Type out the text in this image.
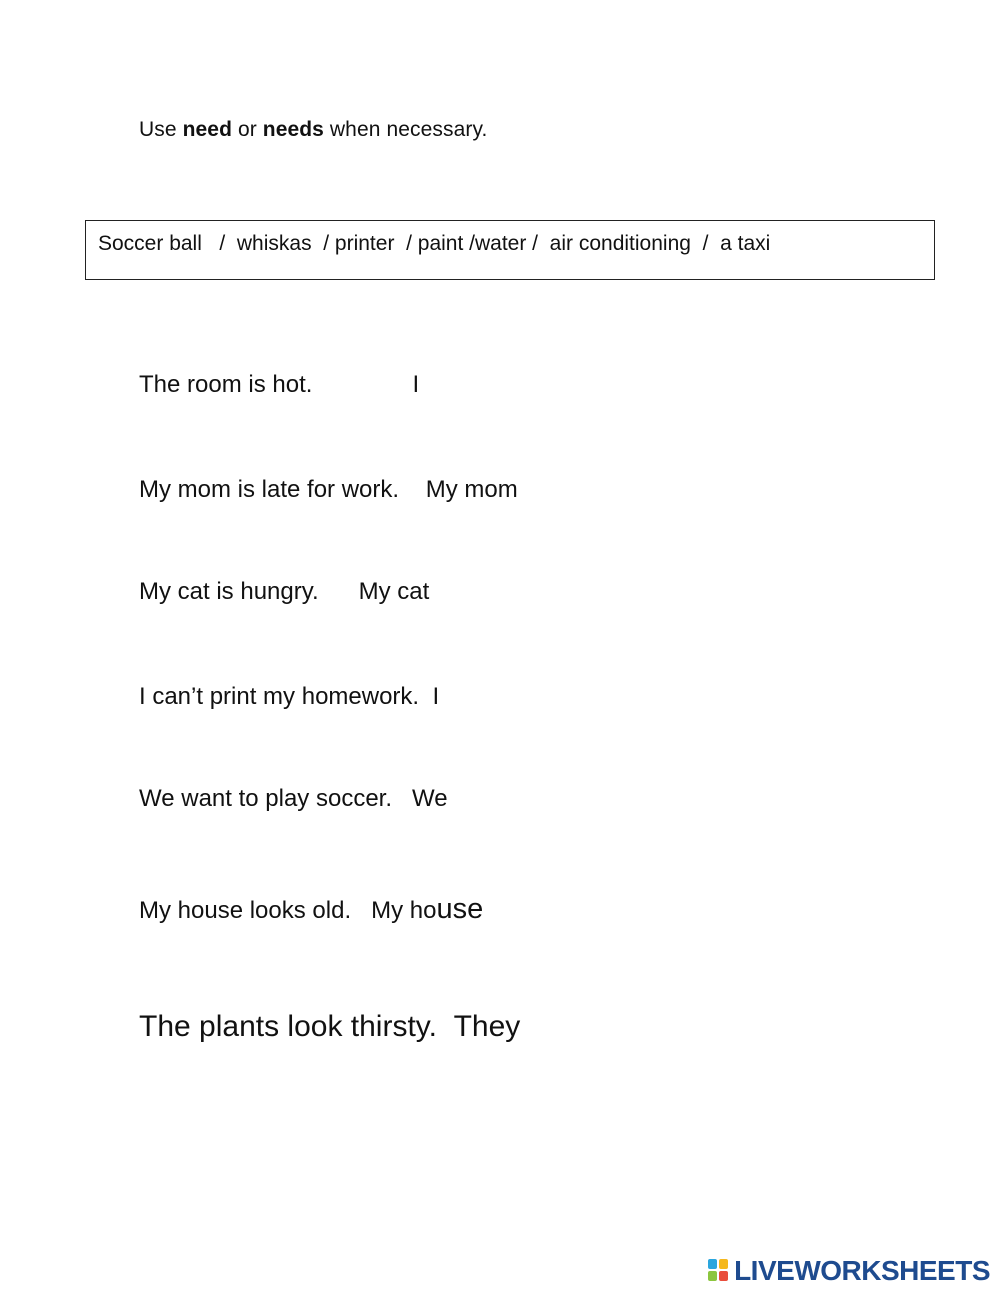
Use need or needs when necessary.
Soccer ball   /  whiskas  / printer  / paint /water /  air conditioning  /  a taxi
The room is hot.	I
My mom is late for work. My mom
My cat is hungry. My cat
I can’t print my homework. I
We want to play soccer. We
My house looks old. My house
The plants look thirsty. They
LIVEWORKSHEETS
